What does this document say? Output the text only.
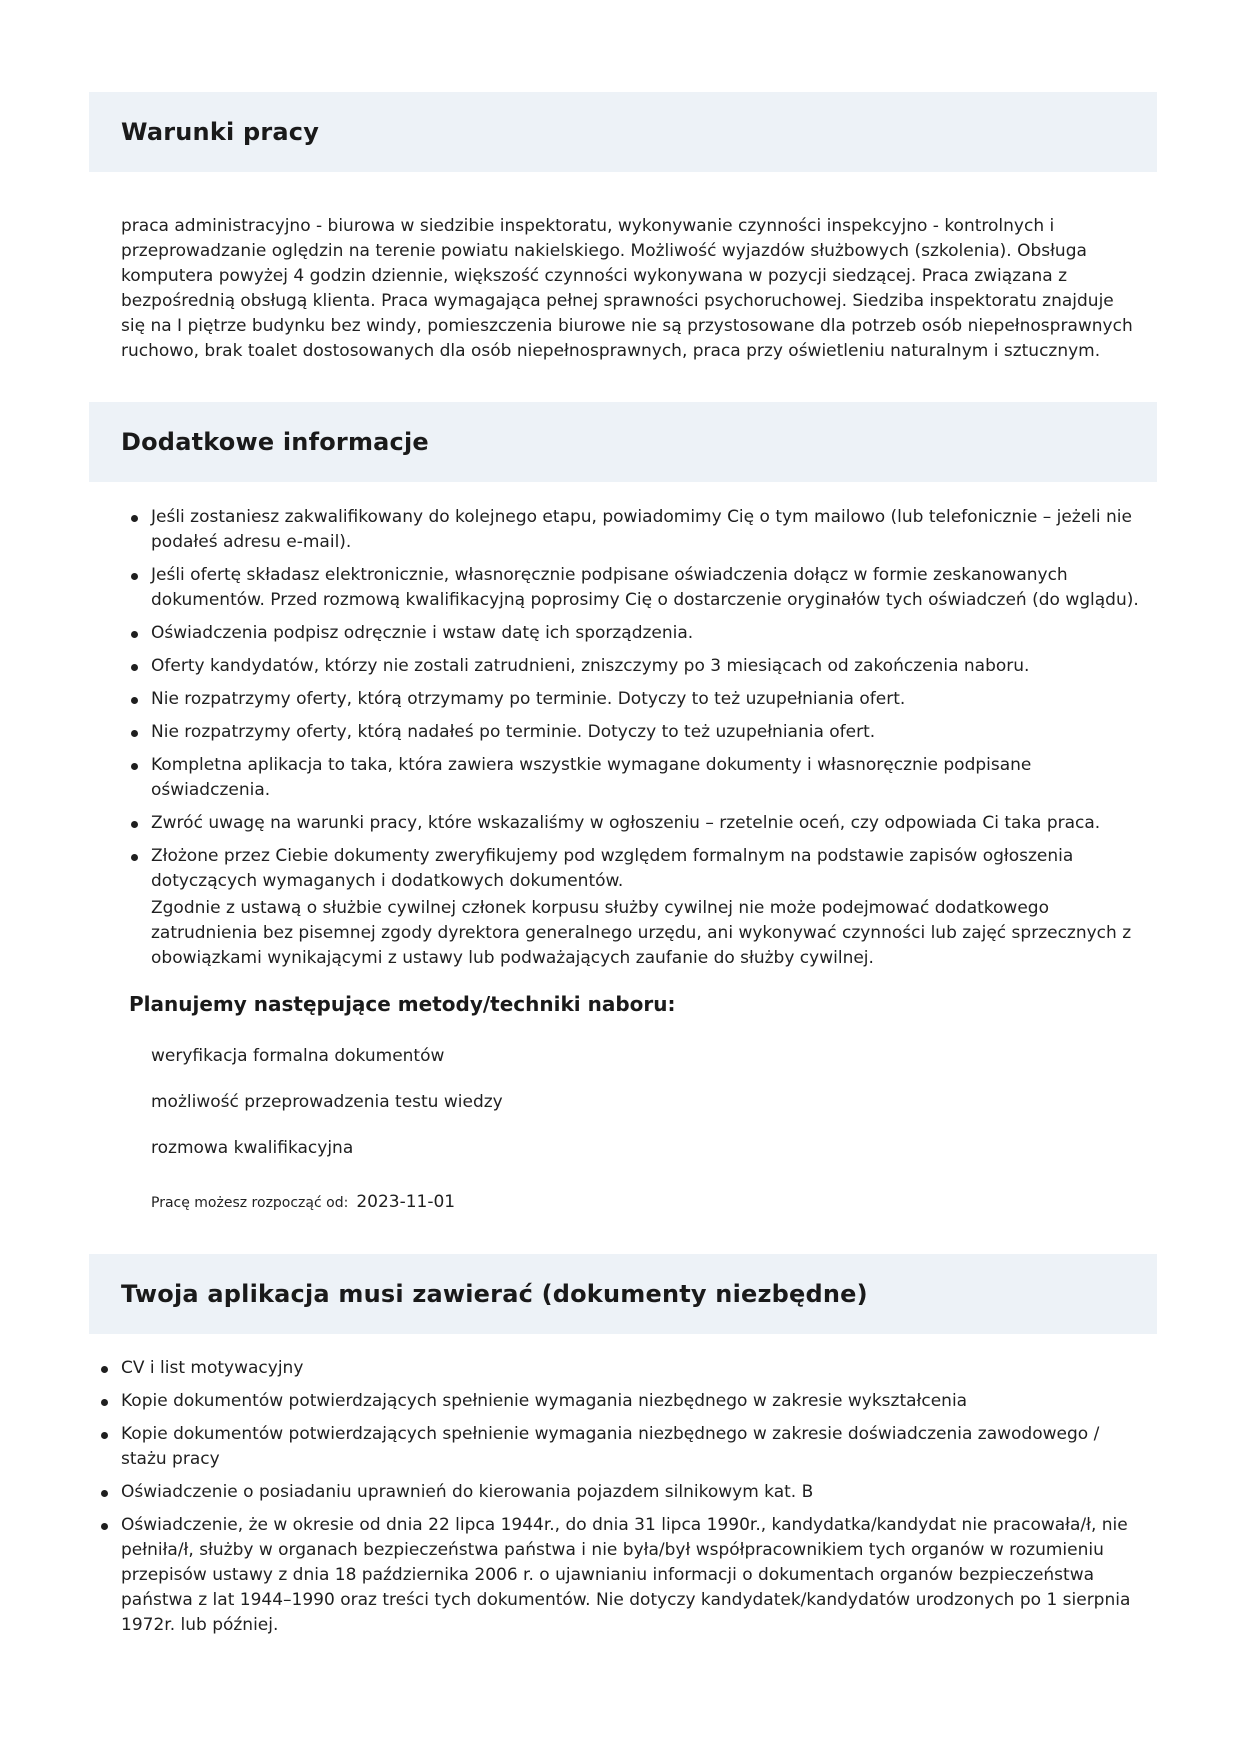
Warunki pracy

praca administracyjno - biurowa w siedzibie inspektoratu, wykonywanie czynności inspekcyjno - kontrolnych i przeprowadzanie oględzin na terenie powiatu nakielskiego. Możliwość wyjazdów służbowych (szkolenia). Obsługa komputera powyżej 4 godzin dziennie, większość czynności wykonywana w pozycji siedzącej. Praca związana z bezpośrednią obsługą klienta. Praca wymagająca pełnej sprawności psychoruchowej. Siedziba inspektoratu znajduje się na I piętrze budynku bez windy, pomieszczenia biurowe nie są przystosowane dla potrzeb osób niepełnosprawnych ruchowo, brak toalet dostosowanych dla osób niepełnosprawnych, praca przy oświetleniu naturalnym i sztucznym.

Dodatkowe informacje
Jeśli zostaniesz zakwalifikowany do kolejnego etapu, powiadomimy Cię o tym mailowo (lub telefonicznie – jeżeli nie podałeś adresu e-mail).
Jeśli ofertę składasz elektronicznie, własnoręcznie podpisane oświadczenia dołącz w formie zeskanowanych dokumentów. Przed rozmową kwalifikacyjną poprosimy Cię o dostarczenie oryginałów tych oświadczeń (do wglądu).
Oświadczenia podpisz odręcznie i wstaw datę ich sporządzenia.
Oferty kandydatów, którzy nie zostali zatrudnieni, zniszczymy po 3 miesiącach od zakończenia naboru.
Nie rozpatrzymy oferty, którą otrzymamy po terminie. Dotyczy to też uzupełniania ofert.
Nie rozpatrzymy oferty, którą nadałeś po terminie. Dotyczy to też uzupełniania ofert.
Kompletna aplikacja to taka, która zawiera wszystkie wymagane dokumenty i własnoręcznie podpisane oświadczenia.
Zwróć uwagę na warunki pracy, które wskazaliśmy w ogłoszeniu – rzetelnie oceń, czy odpowiada Ci taka praca.
Złożone przez Ciebie dokumenty zweryfikujemy pod względem formalnym na podstawie zapisów ogłoszenia dotyczących wymaganych i dodatkowych dokumentów.

Zgodnie z ustawą o służbie cywilnej członek korpusu służby cywilnej nie może podejmować dodatkowego zatrudnienia bez pisemnej zgody dyrektora generalnego urzędu, ani wykonywać czynności lub zajęć sprzecznych z obowiązkami wynikającymi z ustawy lub podważających zaufanie do służby cywilnej.

Planujemy następujące metody/techniki naboru:

weryfikacja formalna dokumentów

możliwość przeprowadzenia testu wiedzy

rozmowa kwalifikacyjna

Pracę możesz rozpocząć od: 2023-11-01
Twoja aplikacja musi zawierać (dokumenty niezbędne)
CV i list motywacyjny
Kopie dokumentów potwierdzających spełnienie wymagania niezbędnego w zakresie wykształcenia
Kopie dokumentów potwierdzających spełnienie wymagania niezbędnego w zakresie doświadczenia zawodowego / stażu pracy
Oświadczenie o posiadaniu uprawnień do kierowania pojazdem silnikowym kat. B
Oświadczenie, że w okresie od dnia 22 lipca 1944r., do dnia 31 lipca 1990r., kandydatka/kandydat nie pracowała/ł, nie pełniła/ł, służby w organach bezpieczeństwa państwa i nie była/był współpracownikiem tych organów w rozumieniu przepisów ustawy z dnia 18 października 2006 r. o ujawnianiu informacji o dokumentach organów bezpieczeństwa państwa z lat 1944–1990 oraz treści tych dokumentów. Nie dotyczy kandydatek/kandydatów urodzonych po 1 sierpnia 1972r. lub później.
